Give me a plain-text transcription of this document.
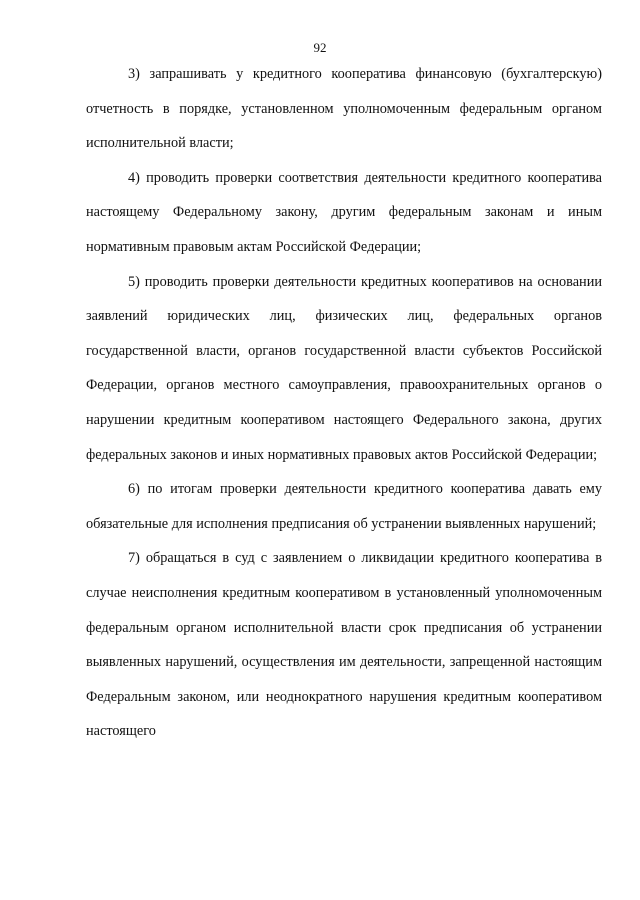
92

3) запрашивать у кредитного кооператива финансовую (бухгалтерскую) отчетность в порядке, установленном уполномоченным федеральным органом исполнительной власти;

4) проводить проверки соответствия деятельности кредитного кооператива настоящему Федеральному закону, другим федеральным законам и иным нормативным правовым актам Российской Федерации;

5) проводить проверки деятельности кредитных кооперативов на основании заявлений юридических лиц, физических лиц, федеральных органов государственной власти, органов государственной власти субъектов Российской Федерации, органов местного самоуправления, правоохранительных органов о нарушении кредитным кооперативом настоящего Федерального закона, других федеральных законов и иных нормативных правовых актов Российской Федерации;

6) по итогам проверки деятельности кредитного кооператива давать ему обязательные для исполнения предписания об устранении выявленных нарушений;

7) обращаться в суд с заявлением о ликвидации кредитного кооператива в случае неисполнения кредитным кооперативом в установленный уполномоченным федеральным органом исполнительной власти срок предписания об устранении выявленных нарушений, осуществления им деятельности, запрещенной настоящим Федеральным законом, или неоднократного нарушения кредитным кооперативом настоящего
